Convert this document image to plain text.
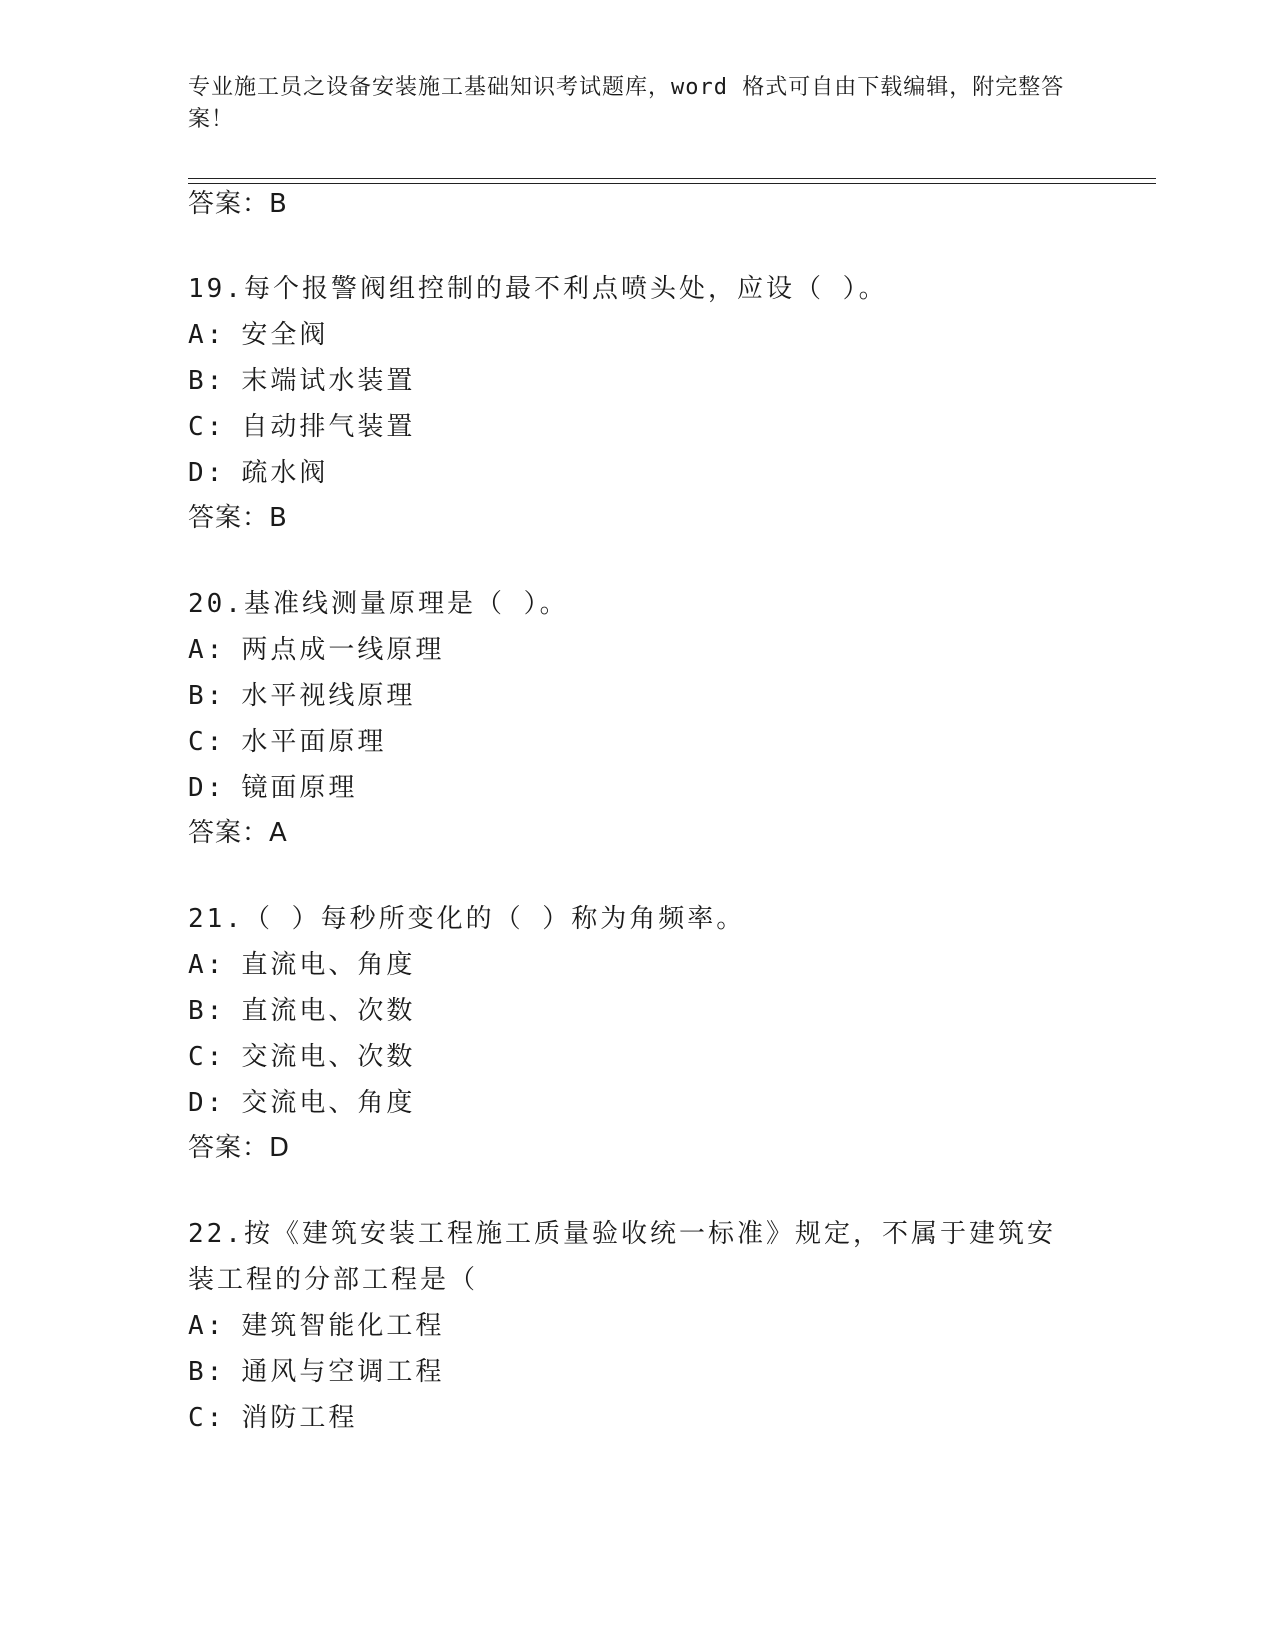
专业施工员之设备安装施工基础知识考试题库，word 格式可自由下载编辑，附完整答案！
答案：B
19.每个报警阀组控制的最不利点喷头处，应设（ ）。
A: 安全阀
B: 末端试水装置
C: 自动排气装置
D: 疏水阀
答案：B
20.基准线测量原理是（ ）。
A: 两点成一线原理
B: 水平视线原理
C: 水平面原理
D: 镜面原理
答案：A
21.（ ）每秒所变化的（ ）称为角频率。
A: 直流电、角度
B: 直流电、次数
C: 交流电、次数
D: 交流电、角度
答案：D
22.按《建筑安装工程施工质量验收统一标准》规定，不属于建筑安装工程的分部工程是（
A: 建筑智能化工程
B: 通风与空调工程
C: 消防工程
